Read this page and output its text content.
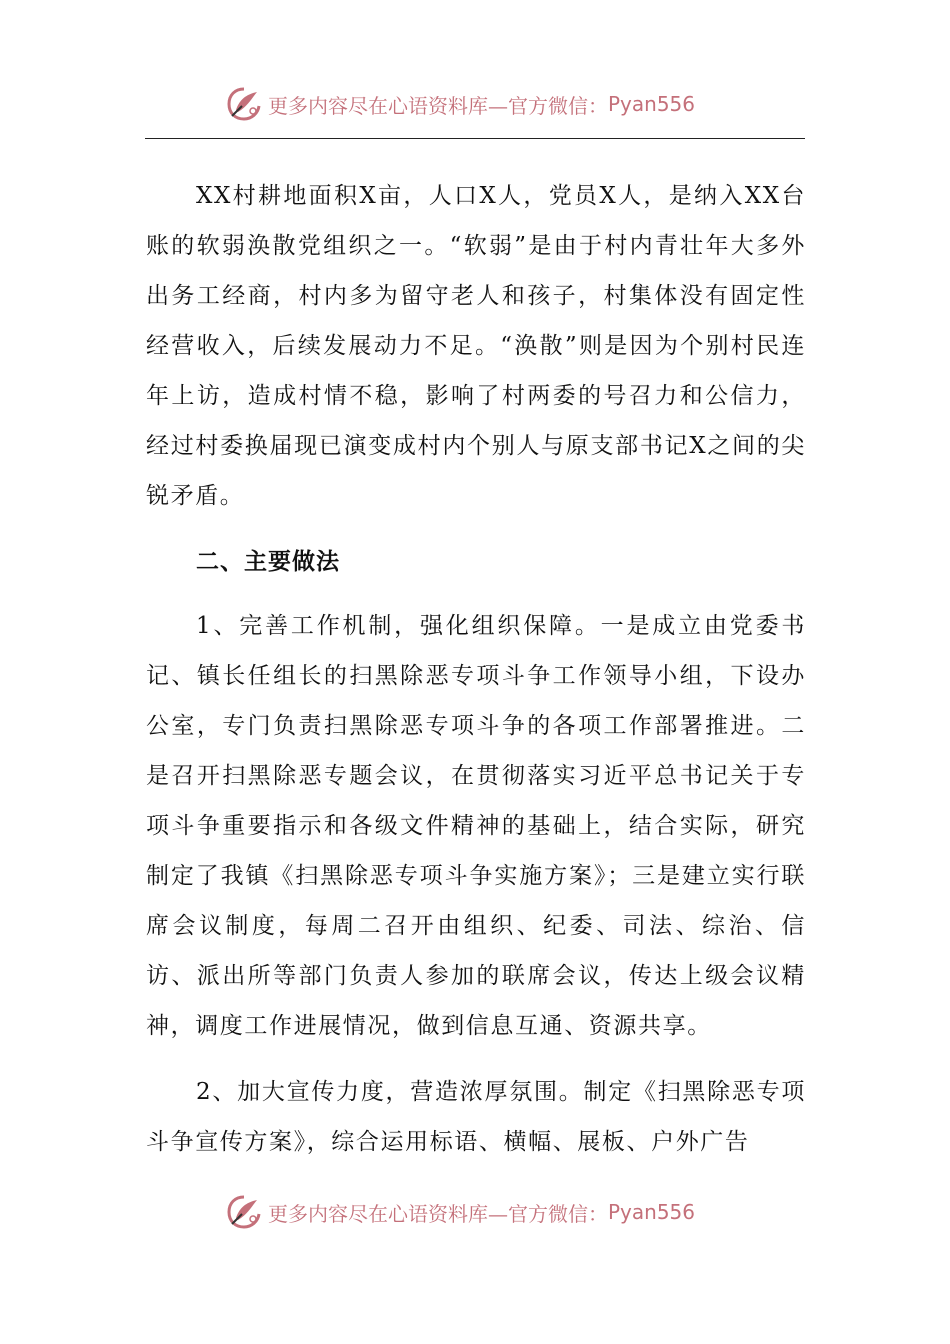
更多内容尽在心语资料库—官方微信： Pyan556

XX村耕地面积X亩，人口X人，党员X人，是纳入XX台账的软弱涣散党组织之一。“软弱”是由于村内青壮年大多外出务工经商，村内多为留守老人和孩子，村集体没有固定性经营收入，后续发展动力不足。“涣散”则是因为个别村民连年上访，造成村情不稳，影响了村两委的号召力和公信力，经过村委换届现已演变成村内个别人与原支部书记X之间的尖锐矛盾。

二、主要做法

1、完善工作机制，强化组织保障。一是成立由党委书记、镇长任组长的扫黑除恶专项斗争工作领导小组，下设办公室，专门负责扫黑除恶专项斗争的各项工作部署推进。二是召开扫黑除恶专题会议，在贯彻落实习近平总书记关于专项斗争重要指示和各级文件精神的基础上，结合实际，研究制定了我镇《扫黑除恶专项斗争实施方案》；三是建立实行联席会议制度，每周二召开由组织、纪委、司法、综治、信访、派出所等部门负责人参加的联席会议，传达上级会议精神，调度工作进展情况，做到信息互通、资源共享。

2、加大宣传力度，营造浓厚氛围。制定《扫黑除恶专项斗争宣传方案》，综合运用标语、横幅、展板、户外广告

更多内容尽在心语资料库—官方微信： Pyan556
